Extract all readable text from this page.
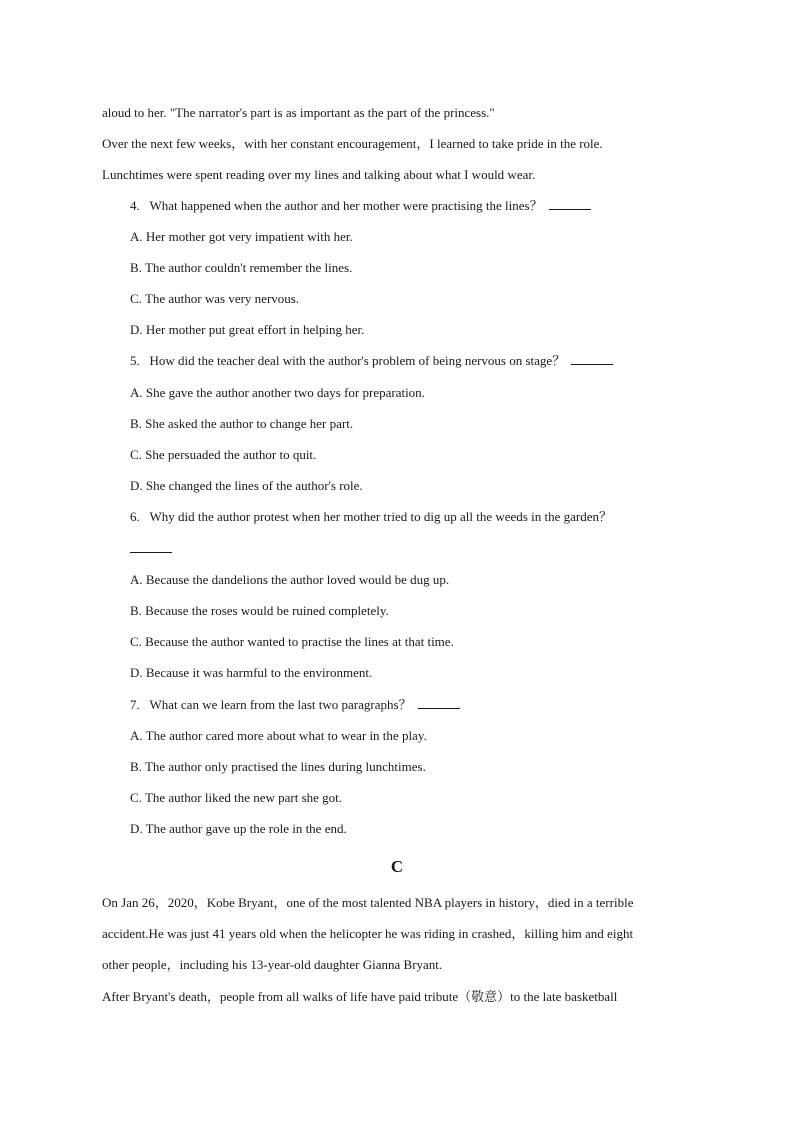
aloud to her. "The narrator's part is as important as the part of the princess."
Over the next few weeks，with her constant encouragement，I learned to take pride in the role.
Lunchtimes were spent reading over my lines and talking about what I would wear.
4. What happened when the author and her mother were practising the lines？
A. Her mother got very impatient with her.
B. The author couldn't remember the lines.
C. The author was very nervous.
D. Her mother put great effort in helping her.
5. How did the teacher deal with the author's problem of being nervous on stage？
A. She gave the author another two days for preparation.
B. She asked the author to change her part.
C. She persuaded the author to quit.
D. She changed the lines of the author's role.
6. Why did the author protest when her mother tried to dig up all the weeds in the garden？
A. Because the dandelions the author loved would be dug up.
B. Because the roses would be ruined completely.
C. Because the author wanted to practise the lines at that time.
D. Because it was harmful to the environment.
7. What can we learn from the last two paragraphs？
A. The author cared more about what to wear in the play.
B. The author only practised the lines during lunchtimes.
C. The author liked the new part she got.
D. The author gave up the role in the end.
C
On Jan 26，2020，Kobe Bryant，one of the most talented NBA players in history，died in a terrible
accident.He was just 41 years old when the helicopter he was riding in crashed，killing him and eight
other people，including his 13-year-old daughter Gianna Bryant.
After Bryant's death，people from all walks of life have paid tribute（敬意）to the late basketball
